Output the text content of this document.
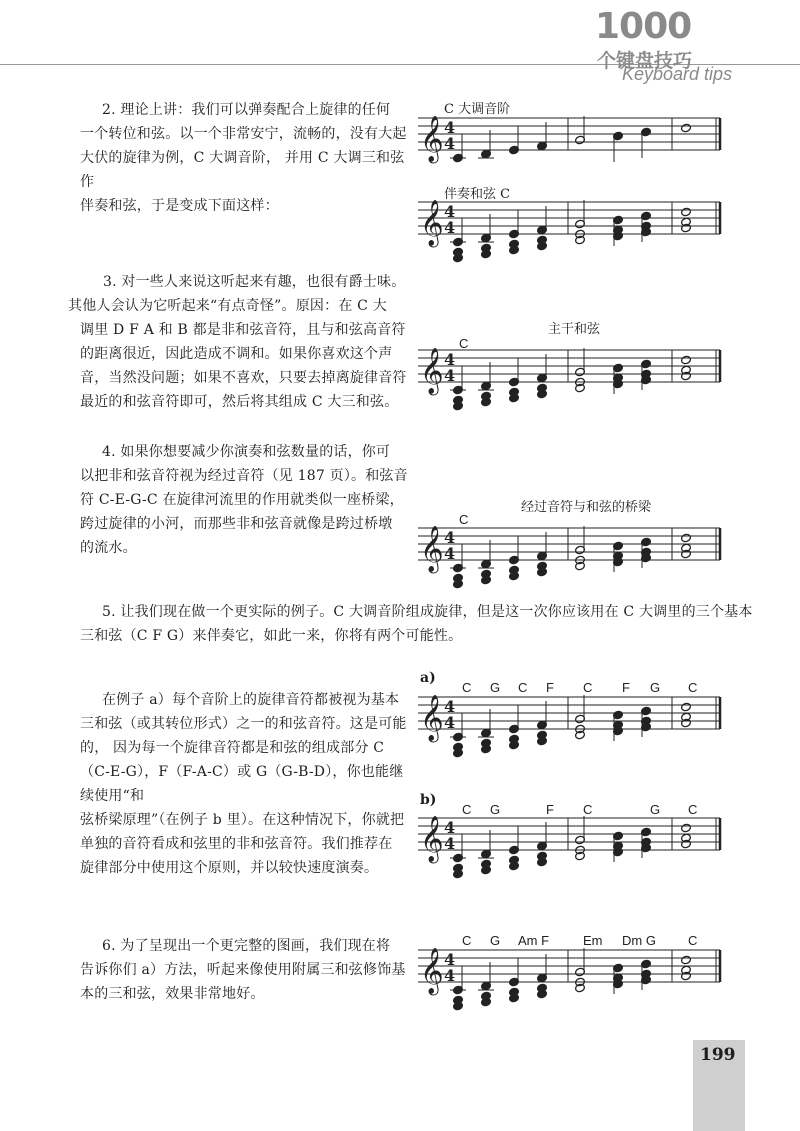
1000
个键盘技巧
Keyboard tips
2. 理论上讲：我们可以弹奏配合上旋律的任何
一个转位和弦。以一个非常安宁，流畅的，没有大起
大伏的旋律为例，C 大调音阶， 并用 C 大调三和弦作
伴奏和弦，于是变成下面这样：
3. 对一些人来说这听起来有趣，也很有爵士味。
其他人会认为它听起来“有点奇怪”。原因：在 C 大
调里 D F A 和 B 都是非和弦音符，且与和弦高音符
的距离很近，因此造成不调和。如果你喜欢这个声
音，当然没问题；如果不喜欢，只要去掉离旋律音符
最近的和弦音符即可，然后将其组成 C 大三和弦。
4. 如果你想要减少你演奏和弦数量的话，你可
以把非和弦音符视为经过音符（见 187 页）。和弦音
符 C-E-G-C 在旋律河流里的作用就类似一座桥梁，
跨过旋律的小河，而那些非和弦音就像是跨过桥墩
的流水。
5. 让我们现在做一个更实际的例子。C 大调音阶组成旋律，但是这一次你应该用在 C 大调里的三个基本
三和弦（C F G）来伴奏它，如此一来，你将有两个可能性。
在例子 a）每个音阶上的旋律音符都被视为基本
三和弦（或其转位形式）之一的和弦音符。这是可能
的， 因为每一个旋律音符都是和弦的组成部分 C
（C-E-G），F（F-A-C）或 G（G-B-D），你也能继续使用“和
弦桥梁原理”（在例子 b 里）。在这种情况下，你就把
单独的音符看成和弦里的非和弦音符。我们推荐在
旋律部分中使用这个原则，并以较快速度演奏。
6. 为了呈现出一个更完整的图画，我们现在将
告诉你们 a）方法，听起来像使用附属三和弦修饰基
本的三和弦，效果非常地好。
C 大调音阶
伴奏和弦 C
主干和弦
C
经过音符与和弦的桥梁
C
a)
b)
C G C F C F G C
C G	F C	G C
C G Am F	Em Dm G C
𝄞 4
4
𝄞 4
4
𝄞 4
4
𝄞 4
4
𝄞 4
4
𝄞 4
4
𝄞 4
4
199
